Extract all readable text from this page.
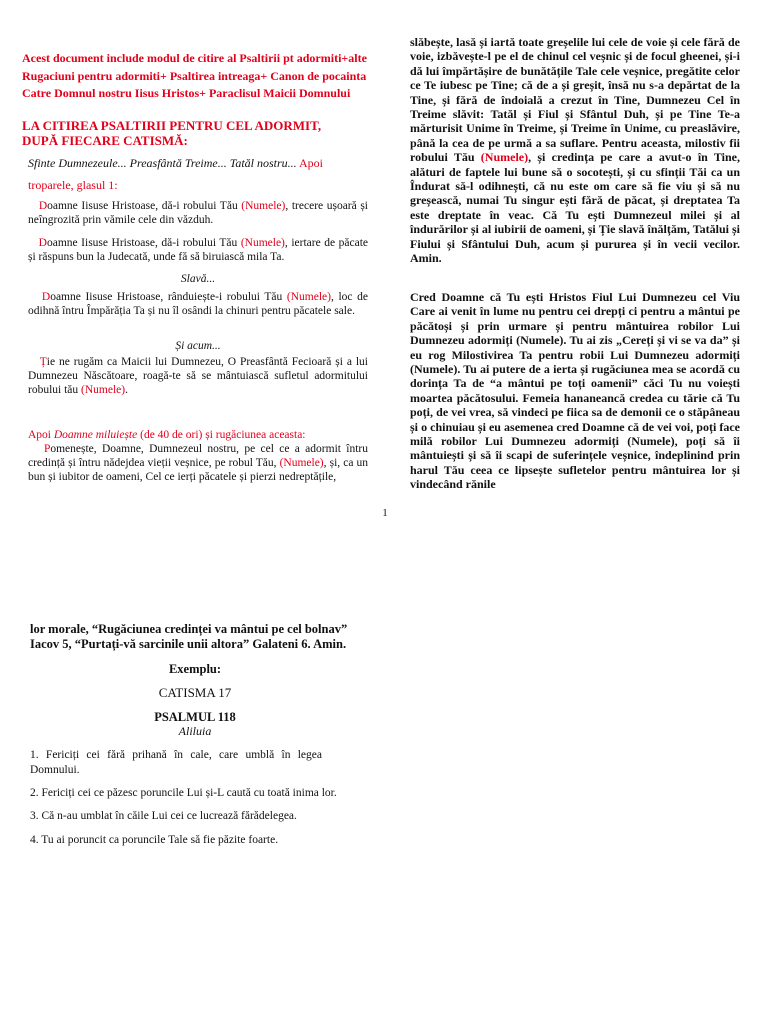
Acest document include modul de citire al Psaltirii pt adormiti+alte
Rugaciuni pentru adormiti+ Psaltirea intreaga+ Canon de pocainta
Catre Domnul nostru Iisus Hristos+ Paraclisul Maicii Domnului
LA CITIREA PSALTIRII PENTRU CEL ADORMIT, DUPĂ FIECARE CATISMĂ:
Sfinte Dumnezeule... Preasfântă Treime... Tatăl nostru... Apoi
troparele, glasul 1:

Doamne Iisuse Hristoase, dă-i robului Tău (Numele), trecere ușoară și neîngrozită prin vămile cele din văzduh.

Doamne Iisuse Hristoase, dă-i robului Tău (Numele), iertare de păcate și răspuns bun la Judecată, unde fă să biruiască mila Ta.

Slavă...

Doamne Iisuse Hristoase, rânduiește-i robului Tău (Numele), loc de odihnă întru Împărăția Ta și nu îl osândi la chinuri pentru păcatele sale.

Și acum...

Ție ne rugăm ca Maicii lui Dumnezeu, O Preasfântă Fecioară și a lui Dumnezeu Născătoare, roagă-te să se mântuiască sufletul adormitului robului tău (Numele).

Apoi Doamne miluiește (de 40 de ori) și rugăciunea aceasta:
Pomenește, Doamne, Dumnezeul nostru, pe cel ce a adormit întru credință și întru nădejdea vieții veșnice, pe robul Tău, (Numele), și, ca un bun și iubitor de oameni, Cel ce ierți păcatele și pierzi nedreptățile,

slăbește, lasă și iartă toate greșelile lui cele de voie și cele fără de voie, izbăvește-l pe el de chinul cel veșnic și de focul gheenei, și-i dă lui împărtășire de bunătățile Tale cele veșnice, pregătite celor ce Te iubesc pe Tine; că de a și greșit, însă nu s-a depărtat de la Tine, și fără de îndoială a crezut în Tine, Dumnezeu Cel în Treime slăvit: Tatăl și Fiul și Sfântul Duh, și pe Tine Te-a mărturisit Unime în Treime, și Treime în Unime, cu preaslăvire, până la cea de pe urmă a sa suflare. Pentru aceasta, milostiv fii robului Tău (Numele), și credința pe care a avut-o în Tine, alături de faptele lui bune să o socotești, și cu sfinții Tăi ca un Îndurat să-l odihnești, că nu este om care să fie viu și să nu greșească, numai Tu singur ești fără de păcat, și dreptatea Ta este dreptate în veac. Că Tu ești Dumnezeul milei și al îndurărilor și al iubirii de oameni, și Ție slavă înălțăm, Tatălui și Fiului și Sfântului Duh, acum și pururea și în vecii vecilor. Amin.

Cred Doamne că Tu ești Hristos Fiul Lui Dumnezeu cel Viu Care ai venit în lume nu pentru cei drepți ci pentru a mântui pe păcătoși și prin urmare și pentru mântuirea robilor Lui Dumnezeu adormiți (Numele). Tu ai zis „Cereți și vi se va da” și eu rog Milostivirea Ta pentru robii Lui Dumnezeu adormiți (Numele). Tu ai putere de a ierta și rugăciunea mea se acordă cu dorința Ta de “a mântui pe toți oamenii” căci Tu nu voiești moartea păcătosului. Femeia hananeancă credea cu tărie că Tu poți, de vei vrea, să vindeci pe fiica sa de demonii ce o stăpâneau și o chinuiau și eu asemenea cred Doamne că de vei voi, poți face milă robilor Lui Dumnezeu adormiți (Numele), poți să îi mântuiești și să îi scapi de suferințele veșnice, îndeplinind prin harul Tău ceea ce lipsește sufletelor pentru mântuirea lor și vindecând rănile

1

lor morale, “Rugăciunea credinței va mântui pe cel bolnav” Iacov 5, “Purtați-vă sarcinile unii altora” Galateni 6. Amin.

Exemplu:
CATISMA 17
PSALMUL 118
Aliluia

1. Fericiți cei fără prihană în cale, care umblă în legea Domnului.

2. Fericiți cei ce păzesc poruncile Lui și-L caută cu toată inima lor.

3. Că n-au umblat în căile Lui cei ce lucrează fărădelegea.

4. Tu ai poruncit ca poruncile Tale să fie păzite foarte.
